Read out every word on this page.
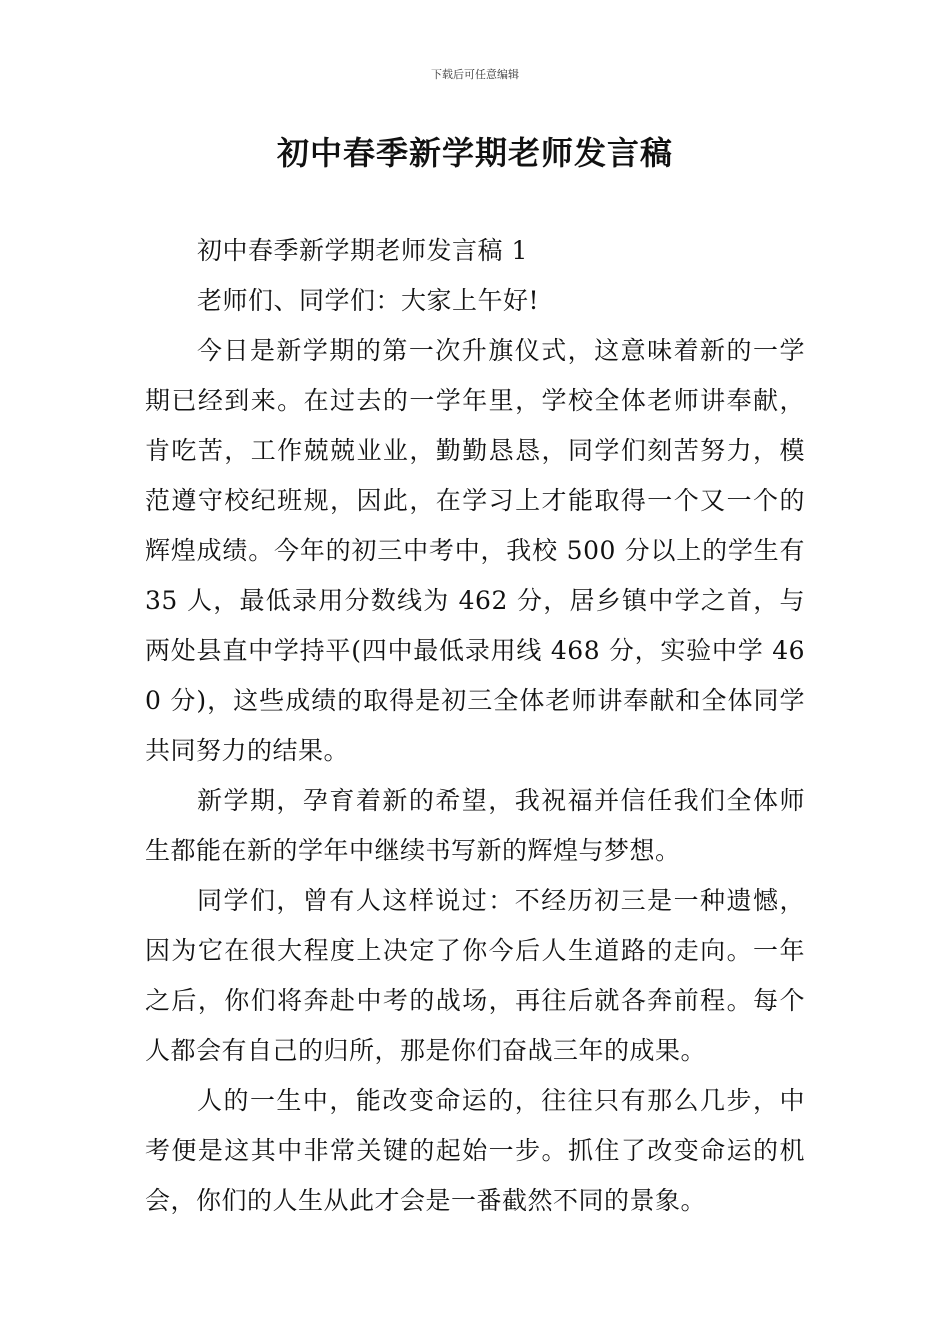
下载后可任意编辑
初中春季新学期老师发言稿

初中春季新学期老师发言稿 1

老师们、同学们：大家上午好!

今日是新学期的第一次升旗仪式，这意味着新的一学期已经到来。在过去的一学年里，学校全体老师讲奉献，肯吃苦，工作兢兢业业，勤勤恳恳，同学们刻苦努力，模范遵守校纪班规，因此，在学习上才能取得一个又一个的辉煌成绩。今年的初三中考中，我校 500 分以上的学生有 35 人，最低录用分数线为 462 分，居乡镇中学之首，与两处县直中学持平(四中最低录用线 468 分，实验中学 460 分)，这些成绩的取得是初三全体老师讲奉献和全体同学共同努力的结果。

新学期，孕育着新的希望，我祝福并信任我们全体师生都能在新的学年中继续书写新的辉煌与梦想。

同学们，曾有人这样说过：不经历初三是一种遗憾，因为它在很大程度上决定了你今后人生道路的走向。一年之后，你们将奔赴中考的战场，再往后就各奔前程。每个人都会有自己的归所，那是你们奋战三年的成果。

人的一生中，能改变命运的，往往只有那么几步，中考便是这其中非常关键的起始一步。抓住了改变命运的机会，你们的人生从此才会是一番截然不同的景象。
